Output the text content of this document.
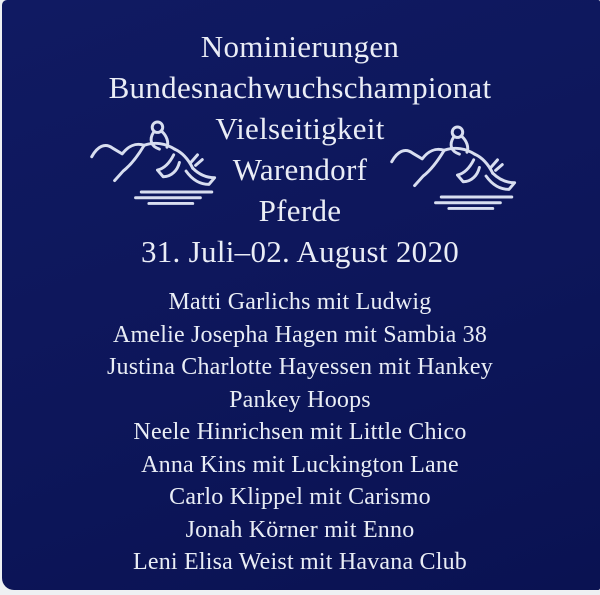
Nominierungen
Bundesnachwuchschampionat
Vielseitigkeit
Warendorf
Pferde
31. Juli–02. August 2020
Matti Garlichs mit Ludwig
Amelie Josepha Hagen mit Sambia 38
Justina Charlotte Hayessen mit Hankey
Pankey Hoops
Neele Hinrichsen mit Little Chico
Anna Kins mit Luckington Lane
Carlo Klippel mit Carismo
Jonah Körner mit Enno
Leni Elisa Weist mit Havana Club
